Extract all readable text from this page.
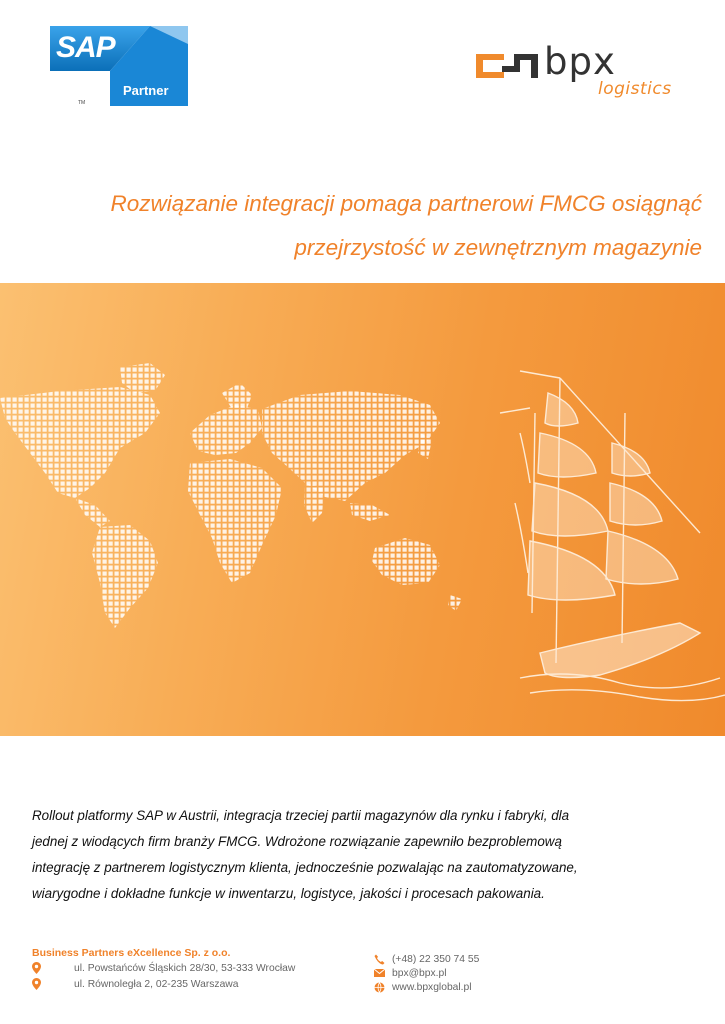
SAP
TM
Partner
bpx
logistics
Rozwiązanie integracji pomaga partnerowi FMCG osiągnąć
przejrzystość w zewnętrznym magazynie
Rollout platformy SAP w Austrii, integracja trzeciej partii magazynów dla rynku i fabryki, dla
jednej z wiodących firm branży FMCG. Wdrożone rozwiązanie zapewniło bezproblemową
integrację z partnerem logistycznym klienta, jednocześnie pozwalając na zautomatyzowane,
wiarygodne i dokładne funkcje w inwentarzu, logistyce, jakości i procesach pakowania.
Business Partners eXcellence Sp. z o.o.
ul. Powstańców Śląskich 28/30, 53-333 Wrocław
ul. Równoległa 2, 02-235 Warszawa
(+48) 22 350 74 55
bpx@bpx.pl
www.bpxglobal.pl
